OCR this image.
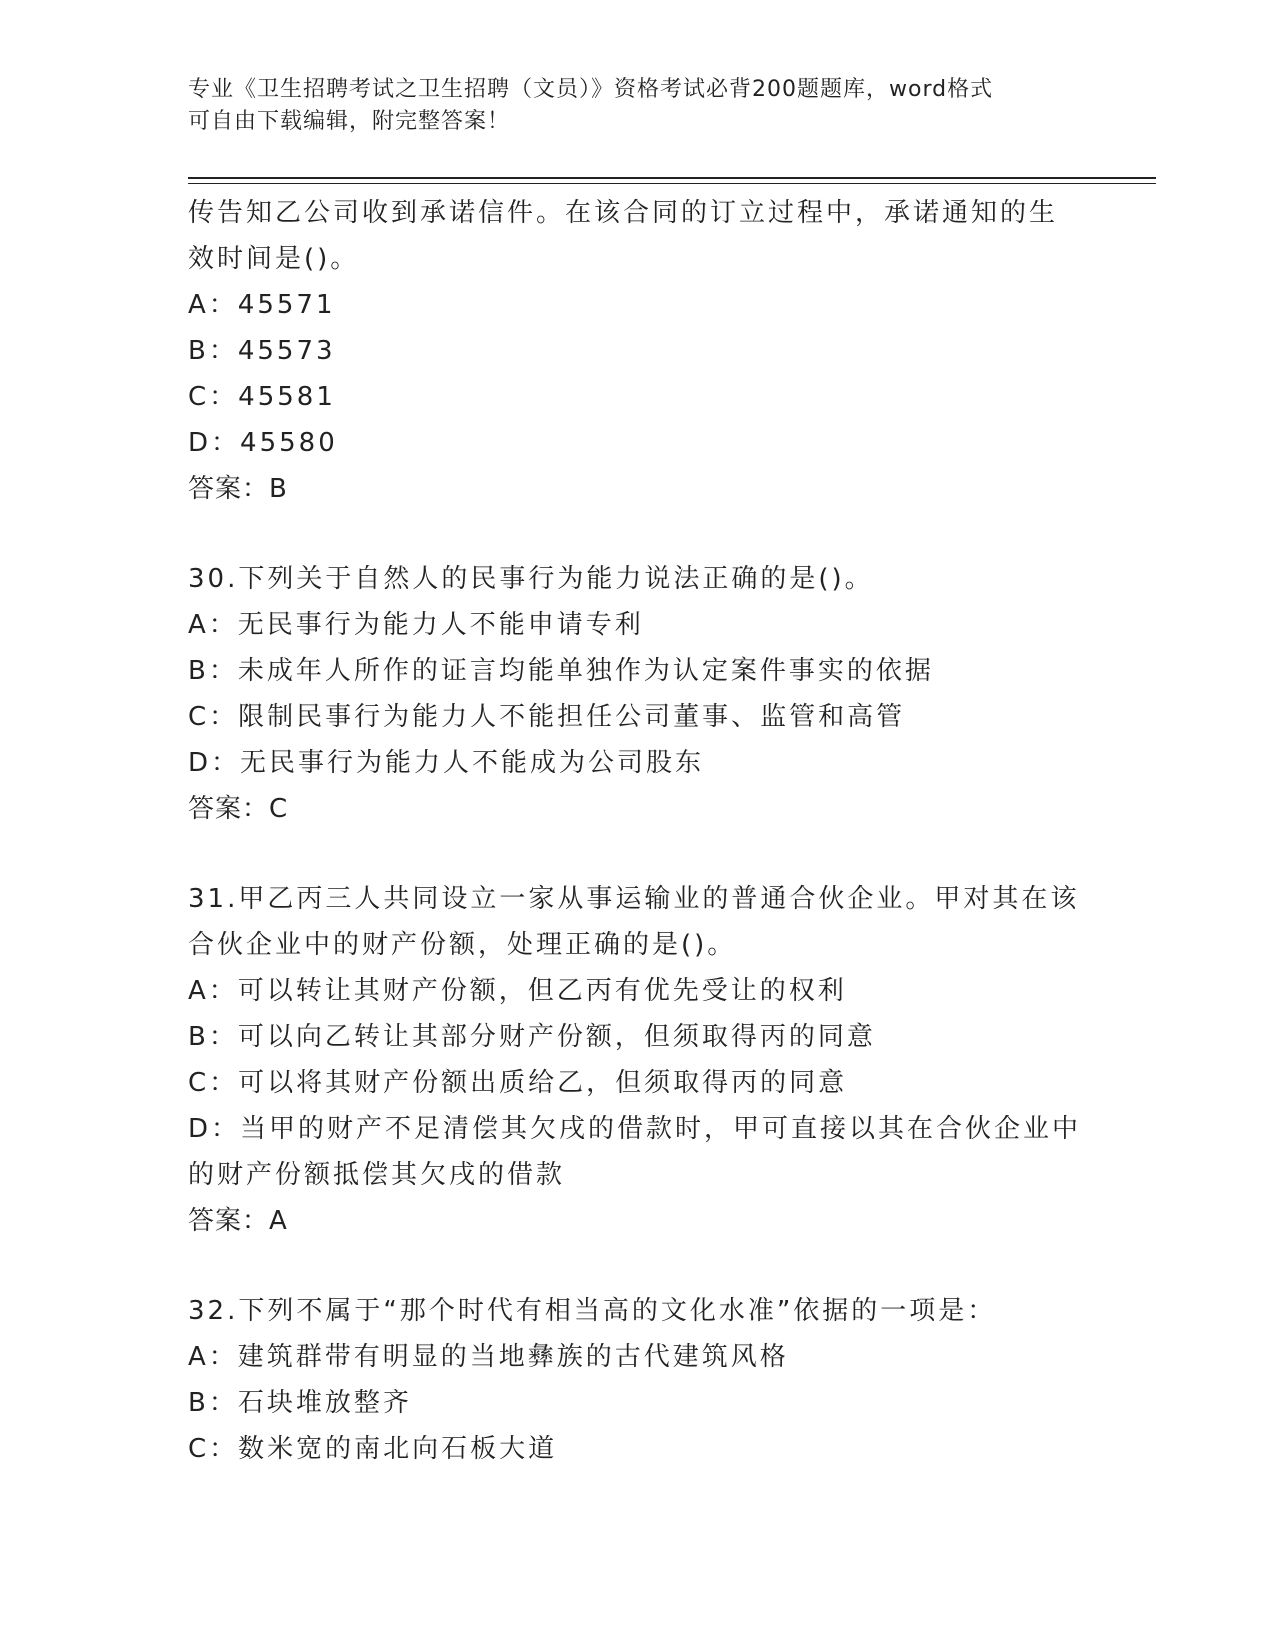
专业《卫生招聘考试之卫生招聘（文员）》资格考试必背200题题库，word格式
可自由下载编辑，附完整答案！
传告知乙公司收到承诺信件。在该合同的订立过程中，承诺通知的生
效时间是()。
A：45571
B：45573
C：45581
D：45580
答案：B
30.下列关于自然人的民事行为能力说法正确的是()。
A：无民事行为能力人不能申请专利
B：未成年人所作的证言均能单独作为认定案件事实的依据
C：限制民事行为能力人不能担任公司董事、监管和高管
D：无民事行为能力人不能成为公司股东
答案：C
31.甲乙丙三人共同设立一家从事运输业的普通合伙企业。甲对其在该
合伙企业中的财产份额，处理正确的是()。
A：可以转让其财产份额，但乙丙有优先受让的权利
B：可以向乙转让其部分财产份额，但须取得丙的同意
C：可以将其财产份额出质给乙，但须取得丙的同意
D：当甲的财产不足清偿其欠戌的借款时，甲可直接以其在合伙企业中
的财产份额抵偿其欠戌的借款
答案：A
32.下列不属于“那个时代有相当高的文化水准”依据的一项是：
A：建筑群带有明显的当地彝族的古代建筑风格
B：石块堆放整齐
C：数米宽的南北向石板大道
